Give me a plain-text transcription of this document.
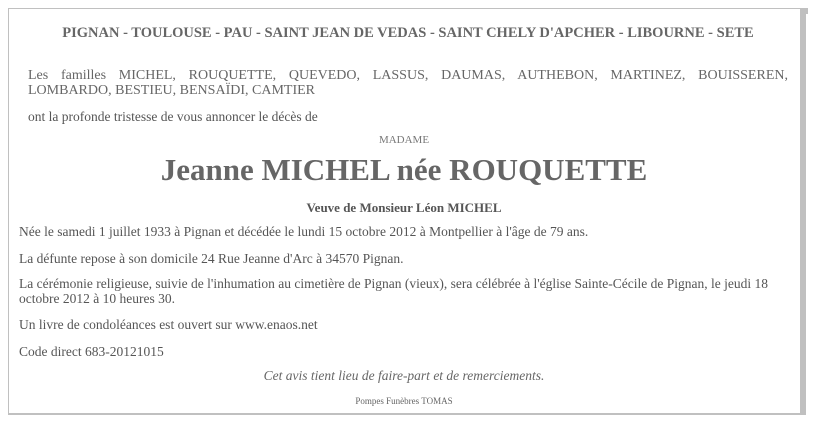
PIGNAN - TOULOUSE - PAU - SAINT JEAN DE VEDAS - SAINT CHELY D'APCHER - LIBOURNE - SETE
Les familles MICHEL, ROUQUETTE, QUEVEDO, LASSUS, DAUMAS, AUTHEBON, MARTINEZ, BOUISSEREN, LOMBARDO, BESTIEU, BENSAÏDI, CAMTIER
ont la profonde tristesse de vous annoncer le décès de
MADAME
Jeanne MICHEL née ROUQUETTE
Veuve de Monsieur Léon MICHEL
Née le samedi 1 juillet 1933 à Pignan et décédée le lundi 15 octobre 2012 à Montpellier à l'âge de 79 ans.
La défunte repose à son domicile 24 Rue Jeanne d'Arc à 34570 Pignan.
La cérémonie religieuse, suivie de l'inhumation au cimetière de Pignan (vieux), sera célébrée à l'église Sainte-Cécile de Pignan, le jeudi 18 octobre 2012 à 10 heures 30.
Un livre de condoléances est ouvert sur www.enaos.net
Code direct 683-20121015
Cet avis tient lieu de faire-part et de remerciements.
Pompes Funèbres TOMAS
